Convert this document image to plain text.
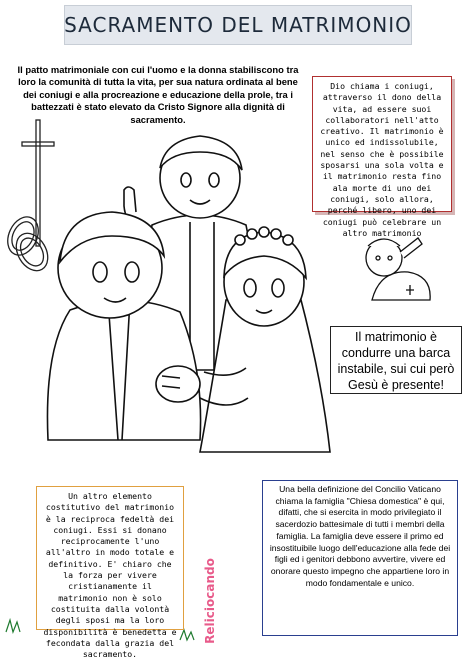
SACRAMENTO DEL MATRIMONIO
Il patto matrimoniale con cui l'uomo e la donna stabiliscono tra loro la comunità di tutta la vita, per sua natura ordinata al bene dei coniugi e alla procreazione e educazione della prole, tra i battezzati è stato elevato da Cristo Signore alla dignità di sacramento.
Dio chiama i coniugi, attraverso il dono della vita, ad essere suoi collaboratori nell'atto creativo. Il matrimonio è unico ed indissolubile, nel senso che è possibile sposarsi una sola volta e il matrimonio resta fino ala morte di uno dei coniugi, solo allora, perché libero, uno dei coniugi può celebrare un altro matrimonio
Il matrimonio è condurre una barca instabile, sui cui però Gesù è presente!
Un altro elemento costitutivo del matrimonio è la reciproca fedeltà dei coniugi. Essi si donano reciprocamente l'uno all'altro in modo totale e definitivo. E' chiaro che la forza per vivere cristianamente il matrimonio non è solo costituita dalla volontà degli sposi ma la loro disponibilità è benedetta e fecondata dalla grazia del sacramento.
Reliciocando
Una bella definizione del Concilio Vaticano chiama la famiglia "Chiesa domestica" è qui, difatti, che si esercita in modo privilegiato il sacerdozio battesimale di tutti i membri della famiglia. La famiglia deve essere il primo ed insostituibile luogo dell'educazione alla fede dei figli ed i genitori debbono avvertire, vivere ed onorare questo impegno che appartiene loro in modo fondamentale e unico.
